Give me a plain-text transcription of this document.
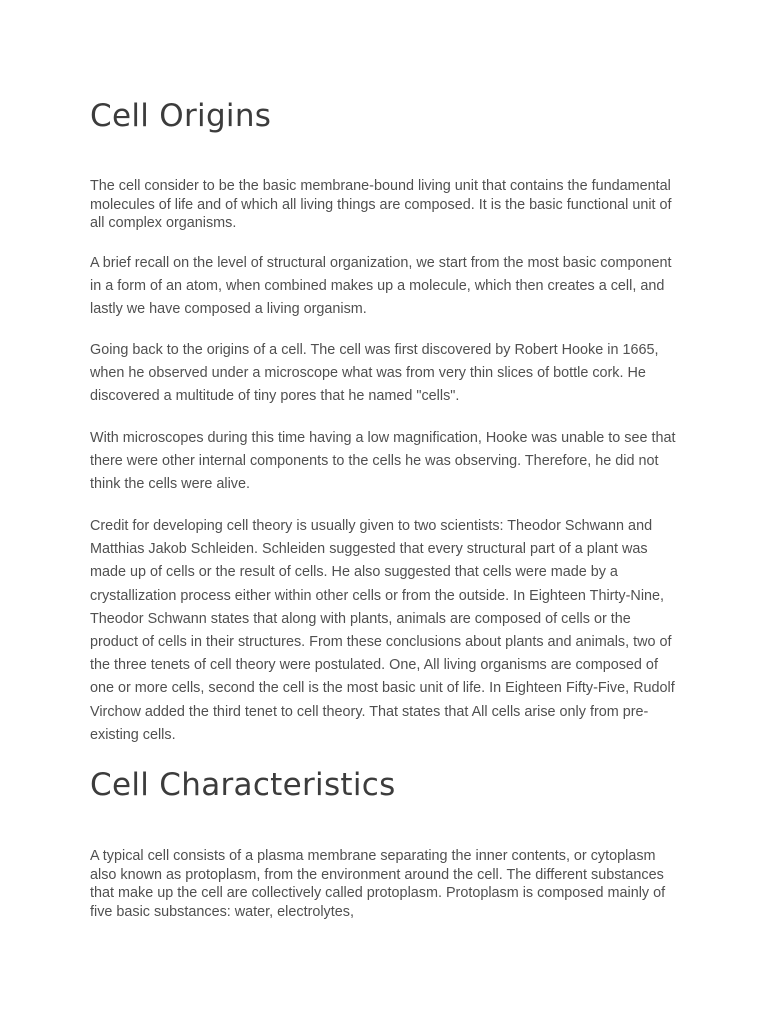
Cell Origins

The cell consider to be the basic membrane-bound living unit that contains the fundamental molecules of life and of which all living things are composed. It is the basic functional unit of all complex organisms.

A brief recall on the level of structural organization, we start from the most basic component in a form of an atom, when combined makes up a molecule, which then creates a cell, and lastly we have composed a living organism.

Going back to the origins of a cell. The cell was first discovered by Robert Hooke in 1665, when he observed under a microscope what was from very thin slices of bottle cork. He discovered a multitude of tiny pores that he named "cells".

With microscopes during this time having a low magnification, Hooke was unable to see that there were other internal components to the cells he was observing. Therefore, he did not think the cells were alive.

Credit for developing cell theory is usually given to two scientists: Theodor Schwann and Matthias Jakob Schleiden. Schleiden suggested that every structural part of a plant was made up of cells or the result of cells. He also suggested that cells were made by a crystallization process either within other cells or from the outside. In Eighteen Thirty-Nine, Theodor Schwann states that along with plants, animals are composed of cells or the product of cells in their structures. From these conclusions about plants and animals, two of the three tenets of cell theory were postulated. One, All living organisms are composed of one or more cells, second the cell is the most basic unit of life. In Eighteen Fifty-Five, Rudolf Virchow added the third tenet to cell theory. That states that All cells arise only from pre-existing cells.

Cell Characteristics

A typical cell consists of a plasma membrane separating the inner contents, or cytoplasm also known as protoplasm, from the environment around the cell. The different substances that make up the cell are collectively called protoplasm. Protoplasm is composed mainly of five basic substances: water, electrolytes,
